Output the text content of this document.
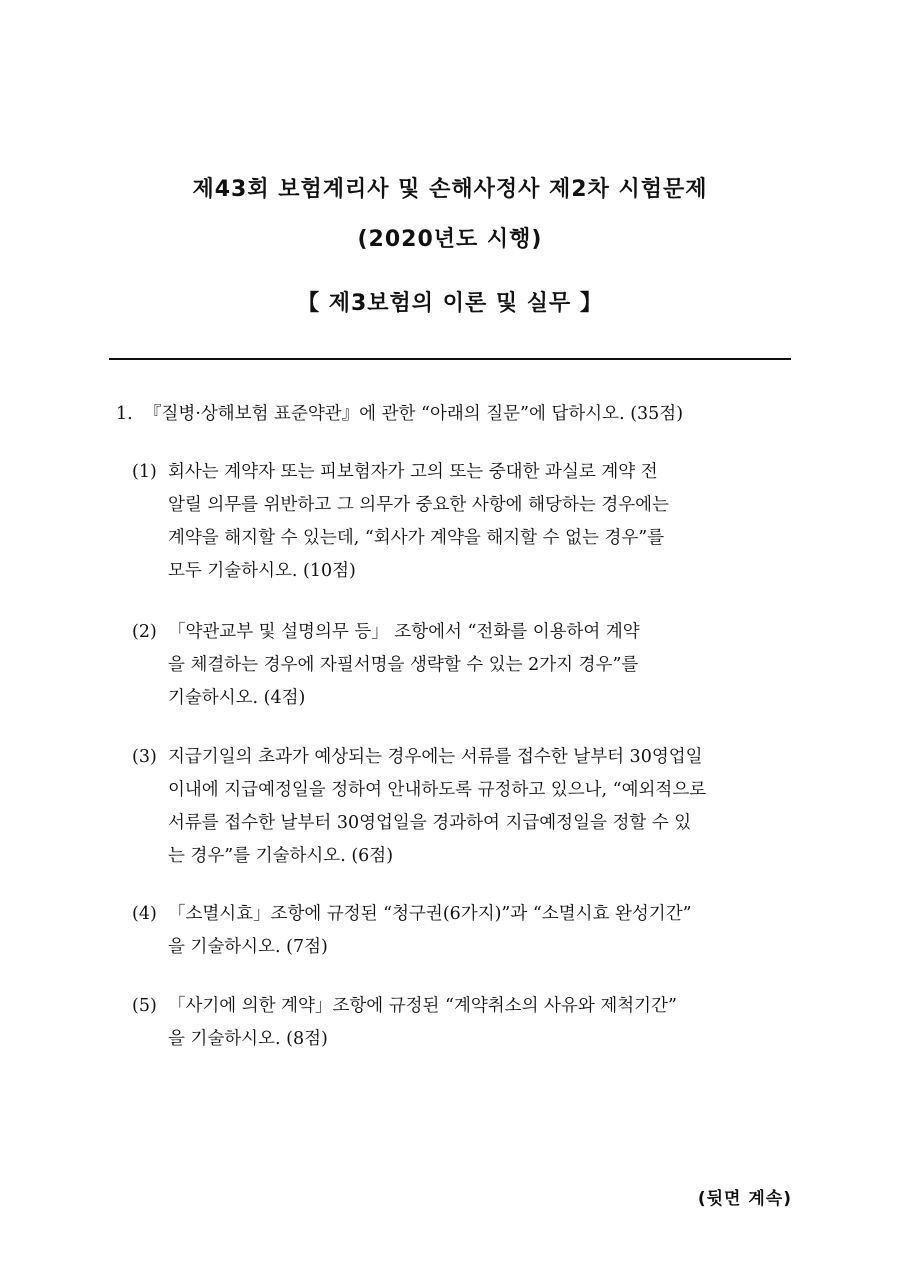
제43회 보험계리사 및 손해사정사 제2차 시험문제
(2020년도 시행)
【 제3보험의 이론 및 실무 】
1. 『질병·상해보험 표준약관』에 관한 “아래의 질문”에 답하시오. (35점)
(1) 회사는 계약자 또는 피보험자가 고의 또는 중대한 과실로 계약 전
알릴 의무를 위반하고 그 의무가 중요한 사항에 해당하는 경우에는
계약을 해지할 수 있는데, “회사가 계약을 해지할 수 없는 경우”를
모두 기술하시오. (10점)
(2) 「약관교부 및 설명의무 등」 조항에서 “전화를 이용하여 계약
을 체결하는 경우에 자필서명을 생략할 수 있는 2가지 경우”를
기술하시오. (4점)
(3) 지급기일의 초과가 예상되는 경우에는 서류를 접수한 날부터 30영업일
이내에 지급예정일을 정하여 안내하도록 규정하고 있으나, “예외적으로
서류를 접수한 날부터 30영업일을 경과하여 지급예정일을 정할 수 있
는 경우”를 기술하시오. (6점)
(4) 「소멸시효」조항에 규정된 “청구권(6가지)”과 “소멸시효 완성기간”
을 기술하시오. (7점)
(5) 「사기에 의한 계약」조항에 규정된 “계약취소의 사유와 제척기간”
을 기술하시오. (8점)
(뒷면 계속)
